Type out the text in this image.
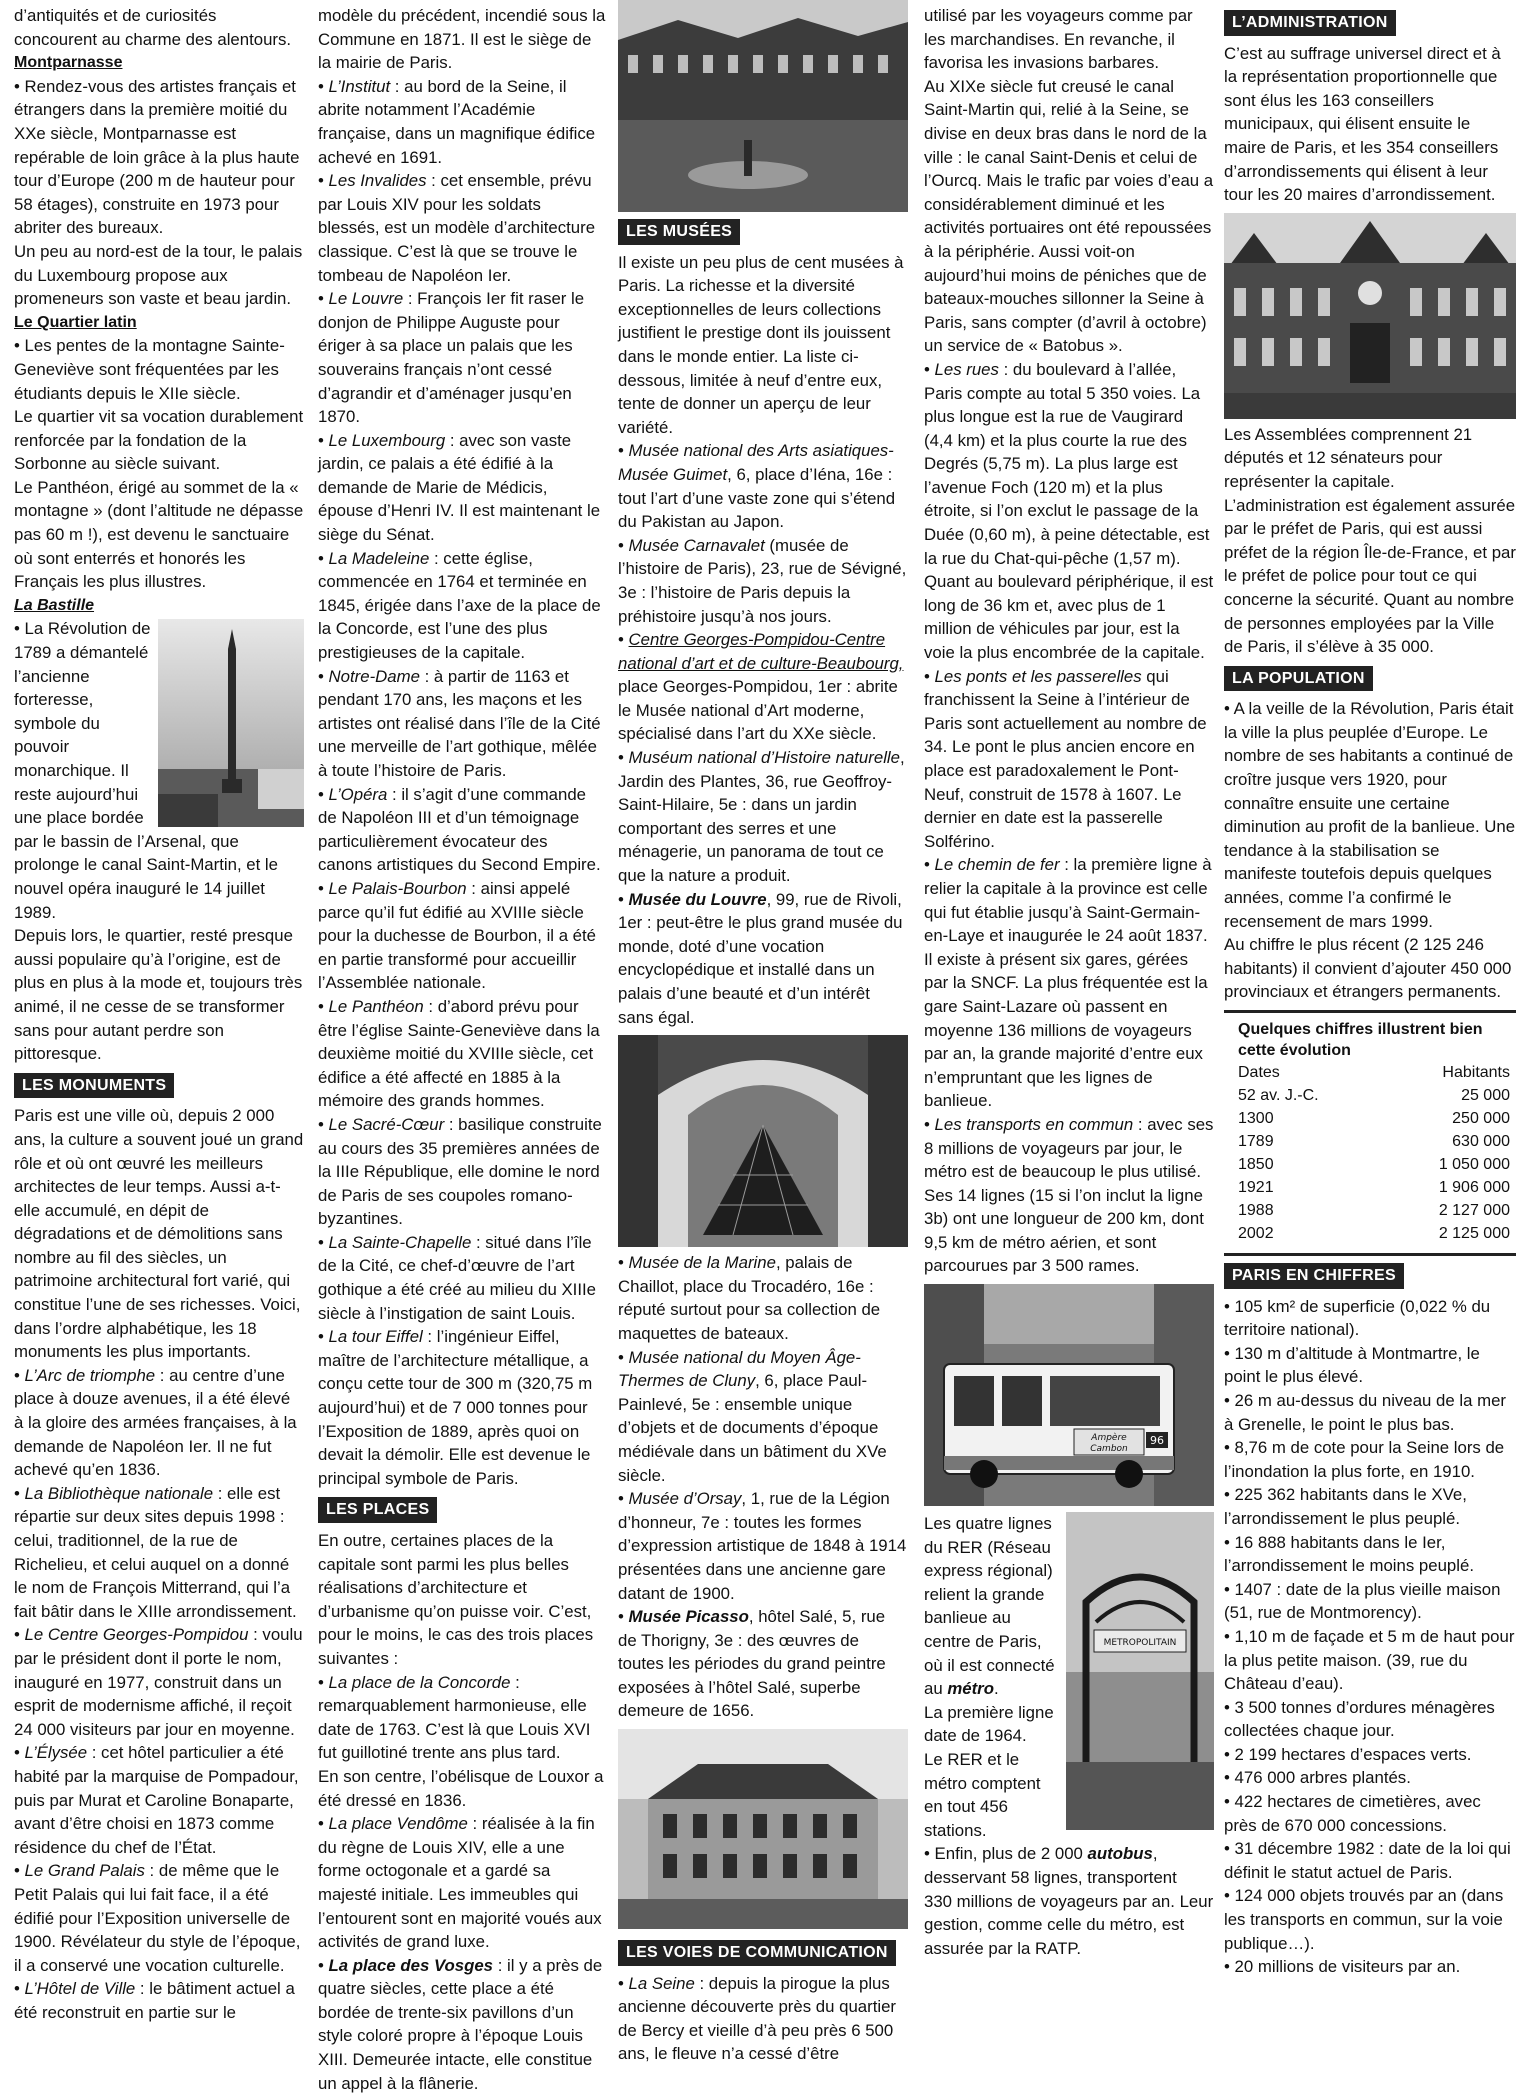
d’antiquités et de curiosités concourent au charme des alentours.

Montparnasse

• Rendez-vous des artistes français et étrangers dans la première moitié du XXe siècle, Montparnasse est repérable de loin grâce à la plus haute tour d’Europe (200 m de hauteur pour 58 étages), construite en 1973 pour abriter des bureaux.

Un peu au nord-est de la tour, le palais du Luxembourg propose aux promeneurs son vaste et beau jardin.

Le Quartier latin

• Les pentes de la montagne Sainte-Geneviève sont fréquentées par les étudiants depuis le XIIe siècle.

Le quartier vit sa vocation durablement renforcée par la fondation de la Sorbonne au siècle suivant.

Le Panthéon, érigé au sommet de la « montagne » (dont l’altitude ne dépasse pas 60 m !), est devenu le sanctuaire où sont enterrés et honorés les Français les plus illustres.

La Bastille

• La Révolution de 1789 a démantelé l’ancienne forteresse, symbole du pouvoir monarchique. Il reste aujourd’hui une place bordée par le bassin de l’Arsenal, que prolonge le canal Saint-Martin, et le nouvel opéra inauguré le 14 juillet 1989.

Depuis lors, le quartier, resté presque aussi populaire qu’à l’origine, est de plus en plus à la mode et, toujours très animé, il ne cesse de se transformer sans pour autant perdre son pittoresque.

LES MONUMENTS

Paris est une ville où, depuis 2 000 ans, la culture a souvent joué un grand rôle et où ont œuvré les meilleurs architectes de leur temps. Aussi a-t-elle accumulé, en dépit de dégradations et de démolitions sans nombre au fil des siècles, un patrimoine architectural fort varié, qui constitue l’une de ses richesses. Voici, dans l’ordre alphabétique, les 18 monuments les plus importants.

• L’Arc de triomphe : au centre d’une place à douze avenues, il a été élevé à la gloire des armées françaises, à la demande de Napoléon Ier. Il ne fut achevé qu’en 1836.

• La Bibliothèque nationale : elle est répartie sur deux sites depuis 1998 : celui, traditionnel, de la rue de Richelieu, et celui auquel on a donné le nom de François Mitterrand, qui l’a fait bâtir dans le XIIIe arrondissement.

• Le Centre Georges-Pompidou : voulu par le président dont il porte le nom, inauguré en 1977, construit dans un esprit de modernisme affiché, il reçoit 24 000 visiteurs par jour en moyenne.

• L’Élysée : cet hôtel particulier a été habité par la marquise de Pompadour, puis par Murat et Caroline Bonaparte, avant d’être choisi en 1873 comme résidence du chef de l’État.

• Le Grand Palais : de même que le Petit Palais qui lui fait face, il a été édifié pour l’Exposition universelle de 1900. Révélateur du style de l’époque, il a conservé une vocation culturelle.

• L’Hôtel de Ville : le bâtiment actuel a été reconstruit en partie sur le

modèle du précédent, incendié sous la Commune en 1871. Il est le siège de la mairie de Paris.

• L’Institut : au bord de la Seine, il abrite notamment l’Académie française, dans un magnifique édifice achevé en 1691.

• Les Invalides : cet ensemble, prévu par Louis XIV pour les soldats blessés, est un modèle d’architecture classique. C’est là que se trouve le tombeau de Napoléon Ier.

• Le Louvre : François Ier fit raser le donjon de Philippe Auguste pour ériger à sa place un palais que les souverains français n’ont cessé d’agrandir et d’aménager jusqu’en 1870.

• Le Luxembourg : avec son vaste jardin, ce palais a été édifié à la demande de Marie de Médicis, épouse d’Henri IV. Il est maintenant le siège du Sénat.

• La Madeleine : cette église, commencée en 1764 et terminée en 1845, érigée dans l’axe de la place de la Concorde, est l’une des plus prestigieuses de la capitale.

• Notre-Dame : à partir de 1163 et pendant 170 ans, les maçons et les artistes ont réalisé dans l’île de la Cité une merveille de l’art gothique, mêlée à toute l’histoire de Paris.

• L’Opéra : il s’agit d’une commande de Napoléon III et d’un témoignage particulièrement évocateur des canons artistiques du Second Empire.

• Le Palais-Bourbon : ainsi appelé parce qu’il fut édifié au XVIIIe siècle pour la duchesse de Bourbon, il a été en partie transformé pour accueillir l’Assemblée nationale.

• Le Panthéon : d’abord prévu pour être l’église Sainte-Geneviève dans la deuxième moitié du XVIIIe siècle, cet édifice a été affecté en 1885 à la mémoire des grands hommes.

• Le Sacré-Cœur : basilique construite au cours des 35 premières années de la IIIe République, elle domine le nord de Paris de ses coupoles romano-byzantines.

• La Sainte-Chapelle : situé dans l’île de la Cité, ce chef-d’œuvre de l’art gothique a été créé au milieu du XIIIe siècle à l’instigation de saint Louis.

• La tour Eiffel : l’ingénieur Eiffel, maître de l’architecture métallique, a conçu cette tour de 300 m (320,75 m aujourd’hui) et de 7 000 tonnes pour l’Exposition de 1889, après quoi on devait la démolir. Elle est devenue le principal symbole de Paris.

LES PLACES

En outre, certaines places de la capitale sont parmi les plus belles réalisations d’architecture et d’urbanisme qu’on puisse voir. C’est, pour le moins, le cas des trois places suivantes :

• La place de la Concorde : remarquablement harmonieuse, elle date de 1763. C’est là que Louis XVI fut guillotiné trente ans plus tard.

En son centre, l’obélisque de Louxor a été dressé en 1836.

• La place Vendôme : réalisée à la fin du règne de Louis XIV, elle a une forme octogonale et a gardé sa majesté initiale. Les immeubles qui l’entourent sont en majorité voués aux activités de grand luxe.

• La place des Vosges : il y a près de quatre siècles, cette place a été bordée de trente-six pavillons d’un style coloré propre à l’époque Louis XIII. Demeurée intacte, elle constitue un appel à la flânerie.

LES MUSÉES

Il existe un peu plus de cent musées à Paris. La richesse et la diversité exceptionnelles de leurs collections justifient le prestige dont ils jouissent dans le monde entier. La liste ci-dessous, limitée à neuf d’entre eux, tente de donner un aperçu de leur variété.

• Musée national des Arts asiatiques-Musée Guimet, 6, place d’Iéna, 16e : tout l’art d’une vaste zone qui s’étend du Pakistan au Japon.

• Musée Carnavalet (musée de l’histoire de Paris), 23, rue de Sévigné, 3e : l’histoire de Paris depuis la préhistoire jusqu’à nos jours.

• Centre Georges-Pompidou-Centre national d’art et de culture-Beaubourg, place Georges-Pompidou, 1er : abrite le Musée national d’Art moderne, spécialisé dans l’art du XXe siècle.

• Muséum national d’Histoire naturelle, Jardin des Plantes, 36, rue Geoffroy-Saint-Hilaire, 5e : dans un jardin comportant des serres et une ménagerie, un panorama de tout ce que la nature a produit.

• Musée du Louvre, 99, rue de Rivoli, 1er : peut-être le plus grand musée du monde, doté d’une vocation encyclopédique et installé dans un palais d’une beauté et d’un intérêt sans égal.

• Musée de la Marine, palais de Chaillot, place du Trocadéro, 16e : réputé surtout pour sa collection de maquettes de bateaux.

• Musée national du Moyen Âge-Thermes de Cluny, 6, place Paul-Painlevé, 5e : ensemble unique d’objets et de documents d’époque médiévale dans un bâtiment du XVe siècle.

• Musée d’Orsay, 1, rue de la Légion d’honneur, 7e : toutes les formes d’expression artistique de 1848 à 1914 présentées dans une ancienne gare datant de 1900.

• Musée Picasso, hôtel Salé, 5, rue de Thorigny, 3e : des œuvres de toutes les périodes du grand peintre exposées à l’hôtel Salé, superbe demeure de 1656.

LES VOIES DE COMMUNICATION

• La Seine : depuis la pirogue la plus ancienne découverte près du quartier de Bercy et vieille d’à peu près 6 500 ans, le fleuve n’a cessé d’être

utilisé par les voyageurs comme par les marchandises. En revanche, il favorisa les invasions barbares.

Au XIXe siècle fut creusé le canal Saint-Martin qui, relié à la Seine, se divise en deux bras dans le nord de la ville : le canal Saint-Denis et celui de l’Ourcq. Mais le trafic par voies d’eau a considérablement diminué et les activités portuaires ont été repoussées à la périphérie. Aussi voit-on aujourd’hui moins de péniches que de bateaux-mouches sillonner la Seine à Paris, sans compter (d’avril à octobre) un service de « Batobus ».

• Les rues : du boulevard à l’allée, Paris compte au total 5 350 voies. La plus longue est la rue de Vaugirard (4,4 km) et la plus courte la rue des Degrés (5,75 m). La plus large est l’avenue Foch (120 m) et la plus étroite, si l’on exclut le passage de la Duée (0,60 m), à peine détectable, est la rue du Chat-qui-pêche (1,57 m). Quant au boulevard périphérique, il est long de 36 km et, avec plus de 1 million de véhicules par jour, est la voie la plus encombrée de la capitale.

• Les ponts et les passerelles qui franchissent la Seine à l’intérieur de Paris sont actuellement au nombre de 34. Le pont le plus ancien encore en place est paradoxalement le Pont- Neuf, construit de 1578 à 1607. Le dernier en date est la passerelle Solférino.

• Le chemin de fer : la première ligne à relier la capitale à la province est celle qui fut établie jusqu’à Saint-Germain-en-Laye et inaugurée le 24 août 1837.

Il existe à présent six gares, gérées par la SNCF. La plus fréquentée est la gare Saint-Lazare où passent en moyenne 136 millions de voyageurs par an, la grande majorité d’entre eux n’empruntant que les lignes de banlieue.

• Les transports en commun : avec ses 8 millions de voyageurs par jour, le métro est de beaucoup le plus utilisé. Ses 14 lignes (15 si l’on inclut la ligne 3b) ont une longueur de 200 km, dont 9,5 km de métro aérien, et sont parcourues par 3 500 rames.

Ampère
Cambon
96
METROPOLITAIN

Les quatre lignes du RER (Réseau express régional) relient la grande banlieue au centre de Paris, où il est connecté au métro.

La première ligne date de 1964.

Le RER et le métro comptent en tout 456 stations.

• Enfin, plus de 2 000 autobus, desservant 58 lignes, transportent

330 millions de voyageurs par an. Leur gestion, comme celle du métro, est assurée par la RATP.

L’ADMINISTRATION

C’est au suffrage universel direct et à la représentation proportionnelle que sont élus les 163 conseillers municipaux, qui élisent ensuite le maire de Paris, et les 354 conseillers d’arrondissements qui élisent à leur tour les 20 maires d’arrondissement.

Les Assemblées comprennent 21 députés et 12 sénateurs pour représenter la capitale.

L’administration est également assurée par le préfet de Paris, qui est aussi préfet de la région Île-de-France, et par le préfet de police pour tout ce qui concerne la sécurité. Quant au nombre de personnes employées par la Ville de Paris, il s’élève à 35 000.

LA POPULATION

• A la veille de la Révolution, Paris était la ville la plus peuplée d’Europe. Le nombre de ses habitants a continué de croître jusque vers 1920, pour connaître ensuite une certaine diminution au profit de la banlieue. Une tendance à la stabilisation se manifeste toutefois depuis quelques années, comme l’a confirmé le recensement de mars 1999.

Au chiffre le plus récent (2 125 246 habitants) il convient d’ajouter 450 000 provinciaux et étrangers permanents.

Quelques chiffres illustrent bien cette évolution
Dates	Habitants
52 av. J.-C.	25 000
1300	250 000
1789	630 000
1850	1 050 000
1921	1 906 000
1988	2 127 000
2002	2 125 000
PARIS EN CHIFFRES

• 105 km² de superficie (0,022 % du territoire national).

• 130 m d’altitude à Montmartre, le point le plus élevé.

• 26 m au-dessus du niveau de la mer à Grenelle, le point le plus bas.

• 8,76 m de cote pour la Seine lors de l’inondation la plus forte, en 1910.

• 225 362 habitants dans le XVe, l’arrondissement le plus peuplé.

• 16 888 habitants dans le Ier, l’arrondissement le moins peuplé.

• 1407 : date de la plus vieille maison (51, rue de Montmorency).

• 1,10 m de façade et 5 m de haut pour la plus petite maison. (39, rue du Château d’eau).

• 3 500 tonnes d’ordures ménagères collectées chaque jour.

• 2 199 hectares d’espaces verts.

• 476 000 arbres plantés.

• 422 hectares de cimetières, avec près de 670 000 concessions.

• 31 décembre 1982 : date de la loi qui définit le statut actuel de Paris.

• 124 000 objets trouvés par an (dans les transports en commun, sur la voie publique…).

• 20 millions de visiteurs par an.
